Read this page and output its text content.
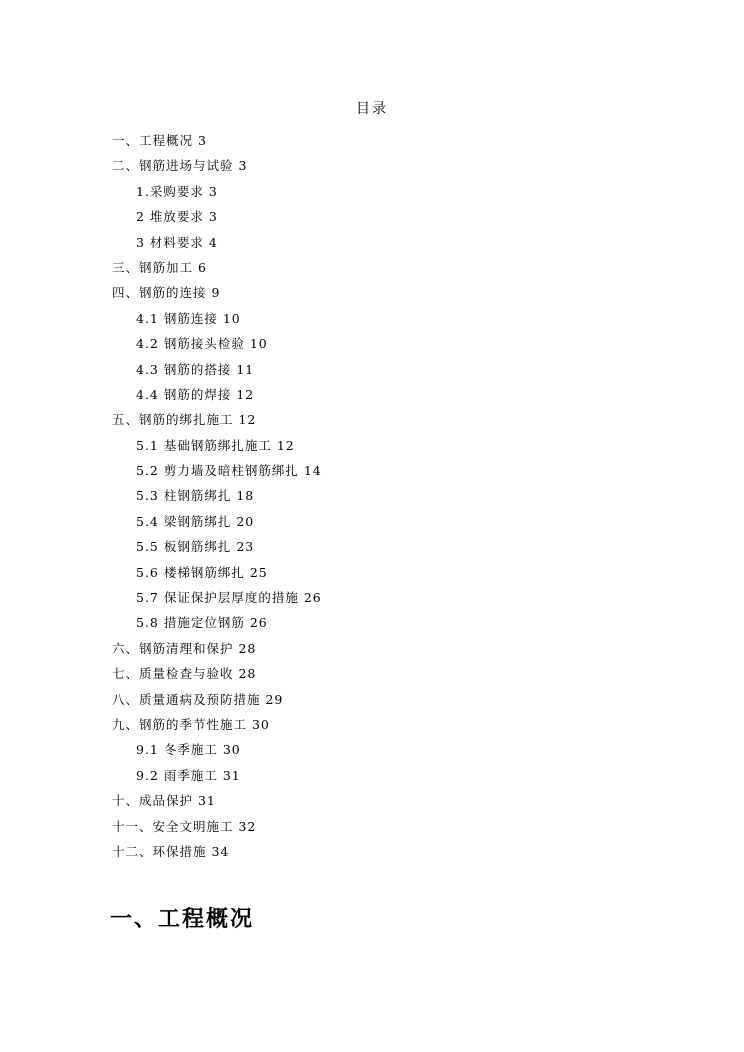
目录
一、工程概况 3
二、钢筋进场与试验 3
1.采购要求 3
2 堆放要求 3
3 材料要求 4
三、钢筋加工 6
四、钢筋的连接 9
4.1 钢筋连接 10
4.2 钢筋接头检验 10
4.3 钢筋的搭接 11
4.4 钢筋的焊接 12
五、钢筋的绑扎施工 12
5.1 基础钢筋绑扎施工 12
5.2 剪力墙及暗柱钢筋绑扎 14
5.3 柱钢筋绑扎 18
5.4 梁钢筋绑扎 20
5.5 板钢筋绑扎 23
5.6 楼梯钢筋绑扎 25
5.7 保证保护层厚度的措施 26
5.8 措施定位钢筋 26
六、钢筋清理和保护 28
七、质量检查与验收 28
八、质量通病及预防措施 29
九、钢筋的季节性施工 30
9.1 冬季施工 30
9.2 雨季施工 31
十、成品保护 31
十一、安全文明施工 32
十二、环保措施 34
一、工程概况
